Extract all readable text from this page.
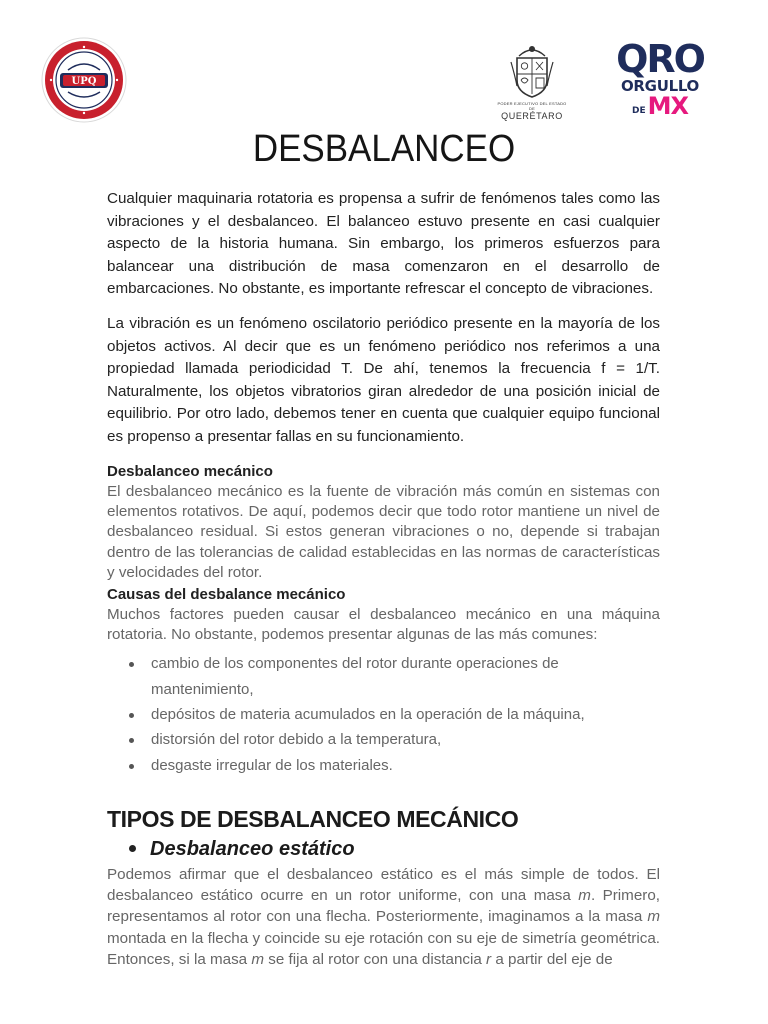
UPQ
PODER EJECUTIVO DEL ESTADO DE
QUERÉTARO
QRO
ORGULLO
DE MX
DESBALANCEO

Cualquier maquinaria rotatoria es propensa a sufrir de fenómenos tales como las vibraciones y el desbalanceo. El balanceo estuvo presente en casi cualquier aspecto de la historia humana. Sin embargo, los primeros esfuerzos para balancear una distribución de masa comenzaron en el desarrollo de embarcaciones. No obstante, es importante refrescar el concepto de vibraciones.

La vibración es un fenómeno oscilatorio periódico presente en la mayoría de los objetos activos. Al decir que es un fenómeno periódico nos referimos a una propiedad llamada periodicidad T. De ahí, tenemos la frecuencia f = 1/T. Naturalmente, los objetos vibratorios giran alrededor de una posición inicial de equilibrio. Por otro lado, debemos tener en cuenta que cualquier equipo funcional es propenso a presentar fallas en su funcionamiento.

Desbalanceo mecánico

El desbalanceo mecánico es la fuente de vibración más común en sistemas con elementos rotativos. De aquí, podemos decir que todo rotor mantiene un nivel de desbalanceo residual. Si estos generan vibraciones o no, depende si trabajan dentro de las tolerancias de calidad establecidas en las normas de características y velocidades del rotor.

Causas del desbalance mecánico

Muchos factores pueden causar el desbalanceo mecánico en una máquina rotatoria. No obstante, podemos presentar algunas de las más comunes:

cambio de los componentes del rotor durante operaciones de mantenimiento,
depósitos de materia acumulados en la operación de la máquina,
distorsión del rotor debido a la temperatura,
desgaste irregular de los materiales.
TIPOS DE DESBALANCEO MECÁNICO
Desbalanceo estático

Podemos afirmar que el desbalanceo estático es el más simple de todos. El desbalanceo estático ocurre en un rotor uniforme, con una masa m. Primero, representamos al rotor con una flecha. Posteriormente, imaginamos a la masa m montada en la flecha y coincide su eje rotación con su eje de simetría geométrica. Entonces, si la masa m se fija al rotor con una distancia r a partir del eje de
